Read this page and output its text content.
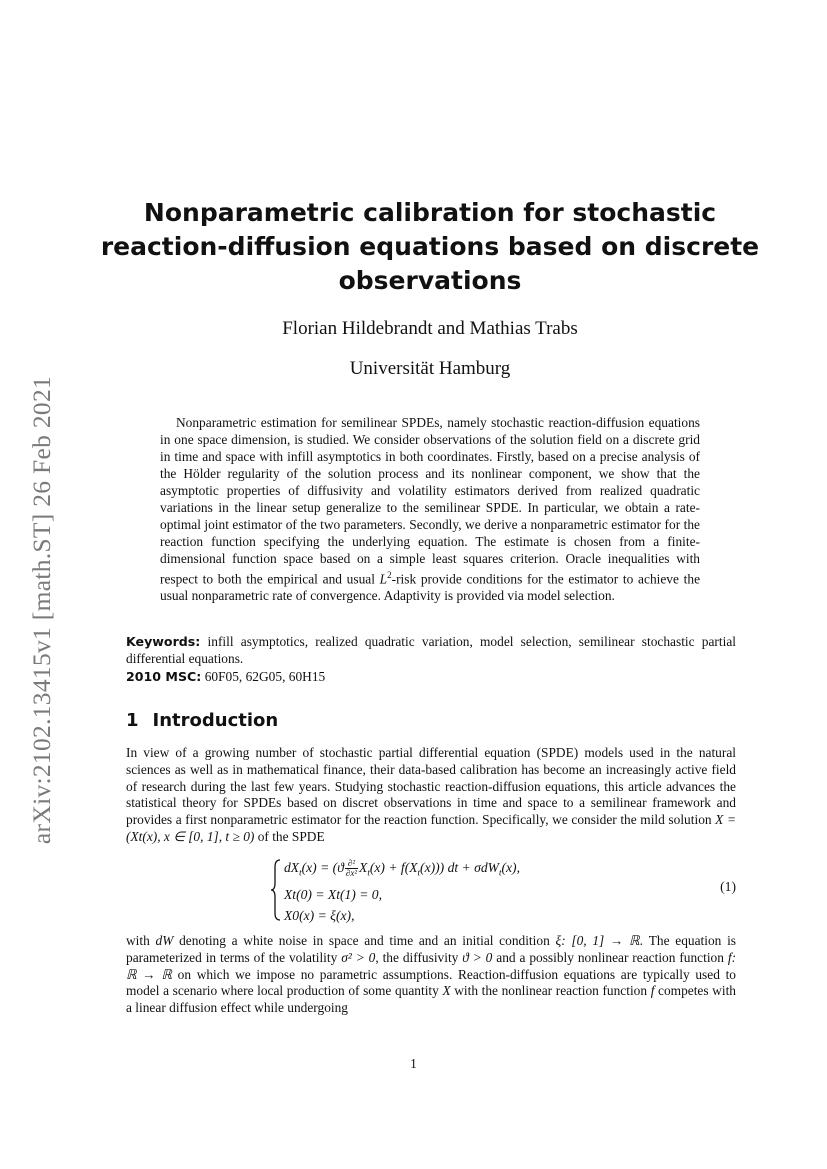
arXiv:2102.13415v1 [math.ST] 26 Feb 2021
Nonparametric calibration for stochastic reaction-diffusion equations based on discrete observations

Florian Hildebrandt and Mathias Trabs

Universität Hamburg

Nonparametric estimation for semilinear SPDEs, namely stochastic reaction-diffusion equations in one space dimension, is studied. We consider observations of the solution field on a discrete grid in time and space with infill asymptotics in both coordinates. Firstly, based on a precise analysis of the Hölder regularity of the solution process and its nonlinear component, we show that the asymptotic properties of diffusivity and volatility estimators derived from realized quadratic variations in the linear setup generalize to the semilinear SPDE. In particular, we obtain a rate-optimal joint estimator of the two parameters. Secondly, we derive a nonparametric estimator for the reaction function specifying the underlying equation. The estimate is chosen from a finite-dimensional function space based on a simple least squares criterion. Oracle inequalities with respect to both the empirical and usual $L^2$-risk provide conditions for the estimator to achieve the usual nonparametric rate of convergence. Adaptivity is provided via model selection.

Keywords: infill asymptotics, realized quadratic variation, model selection, semilinear stochastic partial differential equations.

2010 MSC: 60F05, 62G05, 60H15

1 Introduction

In view of a growing number of stochastic partial differential equation (SPDE) models used in the natural sciences as well as in mathematical finance, their data-based calibration has become an increasingly active field of research during the last few years. Studying stochastic reaction-diffusion equations, this article advances the statistical theory for SPDEs based on discret observations in time and space to a semilinear framework and provides a first nonparametric estimator for the reaction function. Specifically, we consider the mild solution X = (Xt(x), x ∈ [0, 1], t ≥ 0) of the SPDE

$dX_t(x) = (ϑ \frac{\text{∂²}}{\text{∂x²}} X_t(x) + f(X_t(x)))$ dt + σdW$_t$(x),
Xt(0) = Xt(1) = 0,
X0(x) = ξ(x),
(1)

with dW denoting a white noise in space and time and an initial condition ξ: [0, 1] → ℝ. The equation is parameterized in terms of the volatility σ² > 0, the diffusivity ϑ > 0 and a possibly nonlinear reaction function f: ℝ → ℝ on which we impose no parametric assumptions. Reaction-diffusion equations are typically used to model a scenario where local production of some quantity X with the nonlinear reaction function f competes with a linear diffusion effect while undergoing

1
